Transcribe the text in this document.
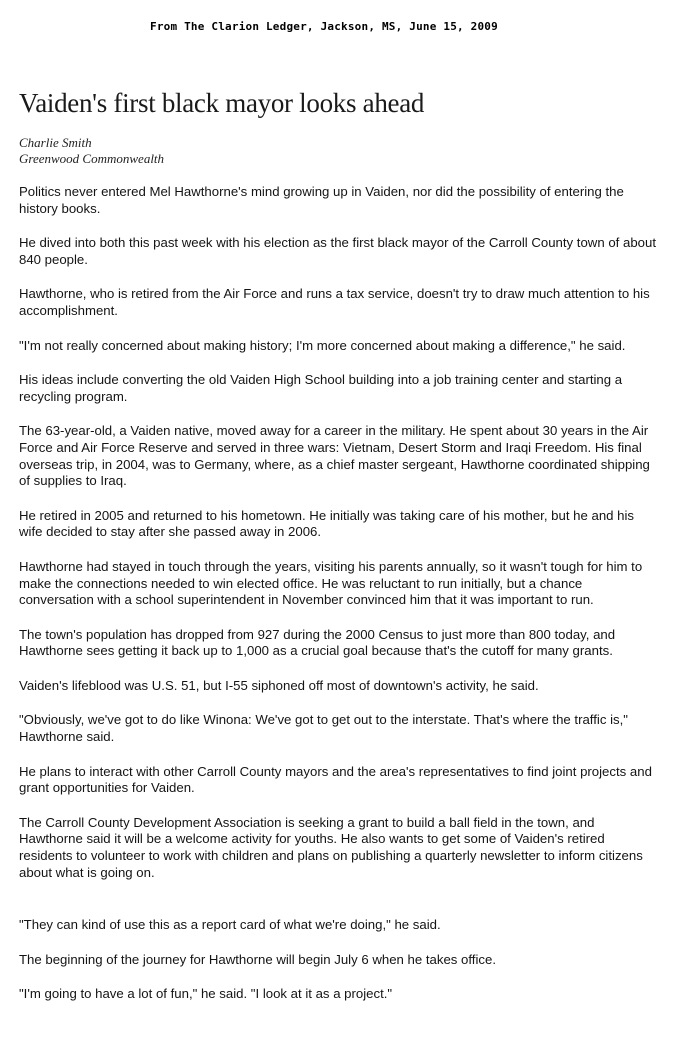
From The Clarion Ledger, Jackson, MS, June 15, 2009
Vaiden's first black mayor looks ahead
Charlie Smith
Greenwood Commonwealth

Politics never entered Mel Hawthorne's mind growing up in Vaiden, nor did the possibility of entering the history books.

He dived into both this past week with his election as the first black mayor of the Carroll County town of about 840 people.

Hawthorne, who is retired from the Air Force and runs a tax service, doesn't try to draw much attention to his accomplishment.

"I'm not really concerned about making history; I'm more concerned about making a difference," he said.

His ideas include converting the old Vaiden High School building into a job training center and starting a recycling program.

The 63-year-old, a Vaiden native, moved away for a career in the military. He spent about 30 years in the Air Force and Air Force Reserve and served in three wars: Vietnam, Desert Storm and Iraqi Freedom. His final overseas trip, in 2004, was to Germany, where, as a chief master sergeant, Hawthorne coordinated shipping of supplies to Iraq.

He retired in 2005 and returned to his hometown. He initially was taking care of his mother, but he and his wife decided to stay after she passed away in 2006.

Hawthorne had stayed in touch through the years, visiting his parents annually, so it wasn't tough for him to make the connections needed to win elected office. He was reluctant to run initially, but a chance conversation with a school superintendent in November convinced him that it was important to run.

The town's population has dropped from 927 during the 2000 Census to just more than 800 today, and Hawthorne sees getting it back up to 1,000 as a crucial goal because that's the cutoff for many grants.

Vaiden's lifeblood was U.S. 51, but I-55 siphoned off most of downtown's activity, he said.

"Obviously, we've got to do like Winona: We've got to get out to the interstate. That's where the traffic is," Hawthorne said.

He plans to interact with other Carroll County mayors and the area's representatives to find joint projects and grant opportunities for Vaiden.

The Carroll County Development Association is seeking a grant to build a ball field in the town, and Hawthorne said it will be a welcome activity for youths. He also wants to get some of Vaiden's retired residents to volunteer to work with children and plans on publishing a quarterly newsletter to inform citizens about what is going on.

"They can kind of use this as a report card of what we're doing," he said.

The beginning of the journey for Hawthorne will begin July 6 when he takes office.

"I'm going to have a lot of fun," he said. "I look at it as a project."
